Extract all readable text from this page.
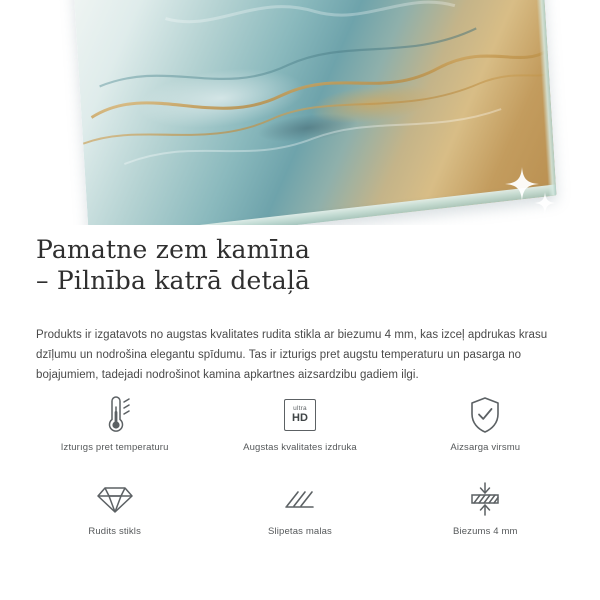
Pamatne zem kamīna
– Pilnība katrā detaļā

Produkts ir izgatavots no augstas kvalitates rudita stikla ar biezumu 4 mm, kas izceļ apdrukas krasu dzīļumu un nodrošina elegantu spīdumu. Tas ir izturigs pret augstu temperaturu un pasarga no bojajumiem, tadejadi nodrošinot kamina apkartnes aizsardzibu gadiem ilgi.

Izturıgs pret temperaturu
ultra
HD
Augstas kvalitates izdruka	Aizsarga virsmu
Rudits stikls	Slipetas malas	Biezums 4 mm
